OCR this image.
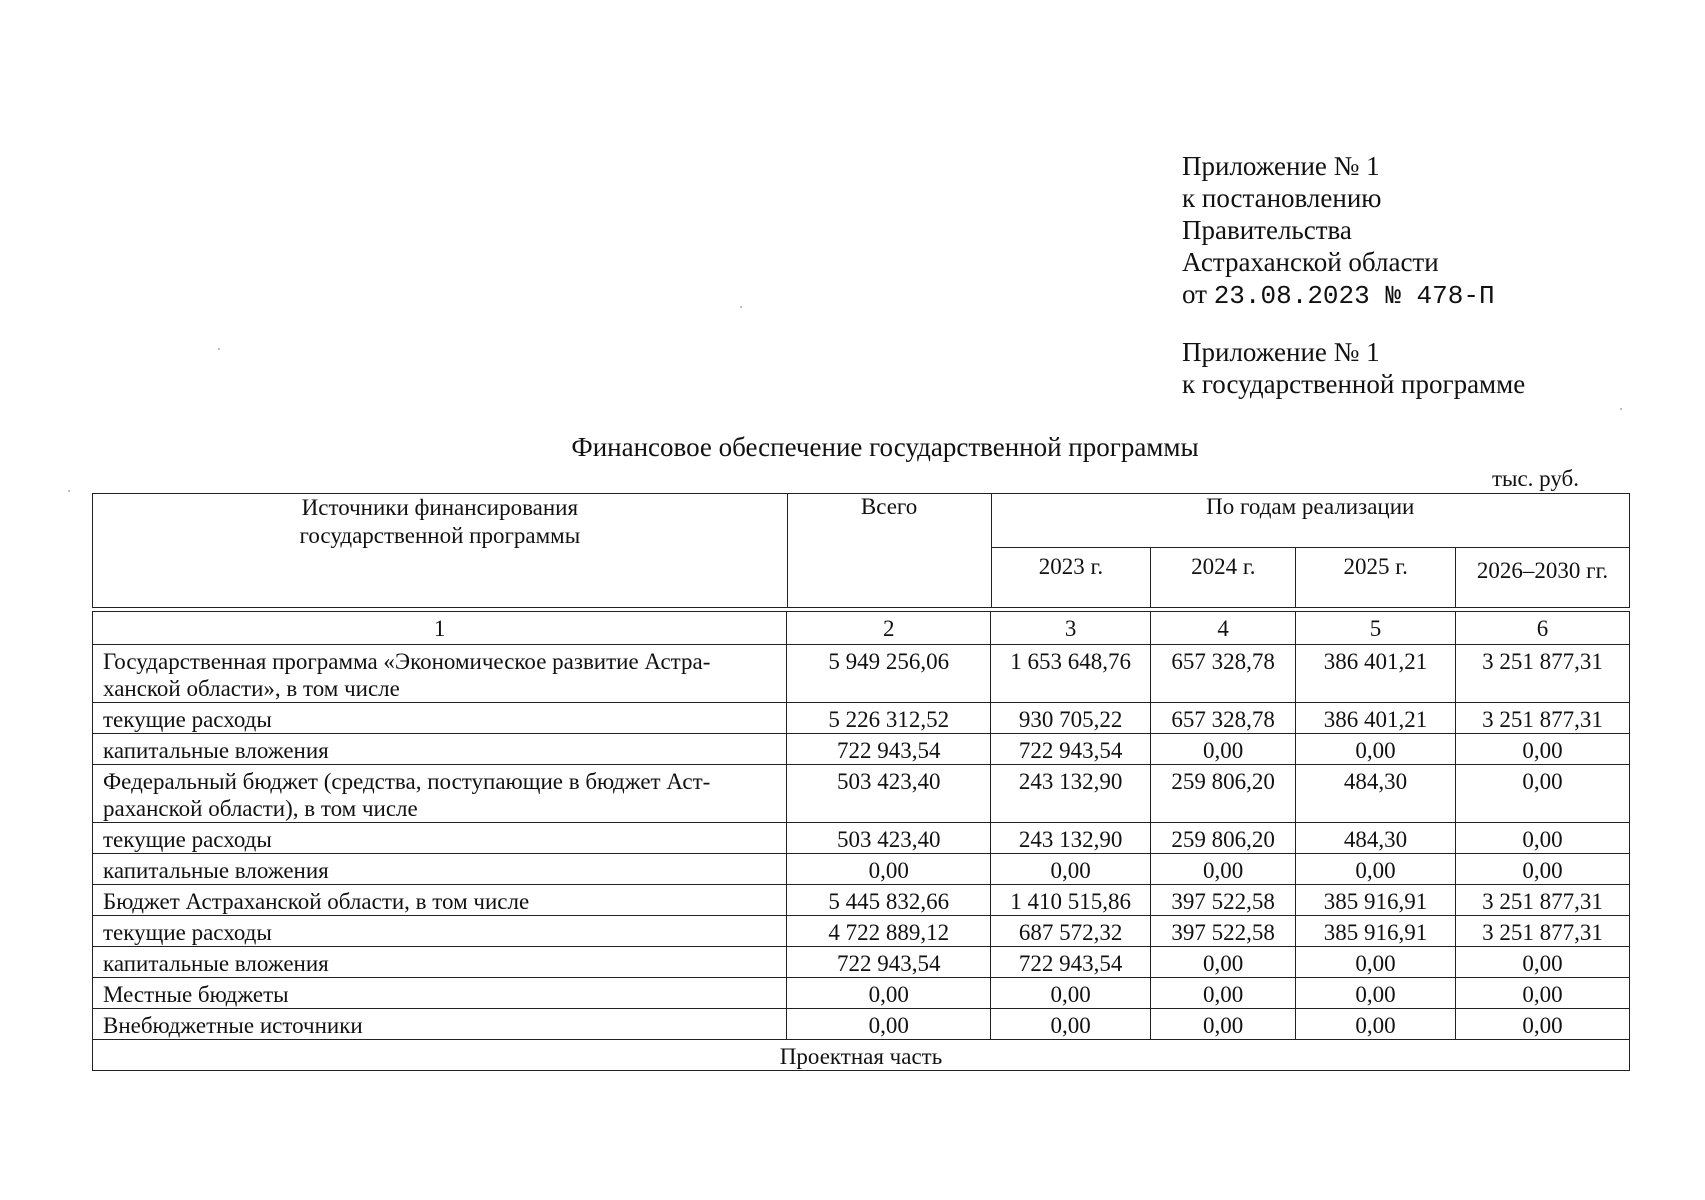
Приложение № 1
к постановлению
Правительства
Астраханской области
от 23.08.2023 № 478-П
Приложение № 1
к государственной программе
Финансовое обеспечение государственной программы
тыс. руб.
Источники финансирования государственной программы	Всего	По годам реализации			
		2023 г.	2024 г.	2025 г.	2026–2030 гг.
1	2	3	4	5	6
Государственная программа «Экономическое развитие Астра-ханской области», в том числе	5 949 256,06	1 653 648,76	657 328,78	386 401,21	3 251 877,31
текущие расходы	5 226 312,52	930 705,22	657 328,78	386 401,21	3 251 877,31
капитальные вложения	722 943,54	722 943,54	0,00	0,00	0,00
Федеральный бюджет (средства, поступающие в бюджет Аст-раханской области), в том числе	503 423,40	243 132,90	259 806,20	484,30	0,00
текущие расходы	503 423,40	243 132,90	259 806,20	484,30	0,00
капитальные вложения	0,00	0,00	0,00	0,00	0,00
Бюджет Астраханской области, в том числе	5 445 832,66	1 410 515,86	397 522,58	385 916,91	3 251 877,31
текущие расходы	4 722 889,12	687 572,32	397 522,58	385 916,91	3 251 877,31
капитальные вложения	722 943,54	722 943,54	0,00	0,00	0,00
Местные бюджеты	0,00	0,00	0,00	0,00	0,00
Внебюджетные источники	0,00	0,00	0,00	0,00	0,00
Проектная часть					
